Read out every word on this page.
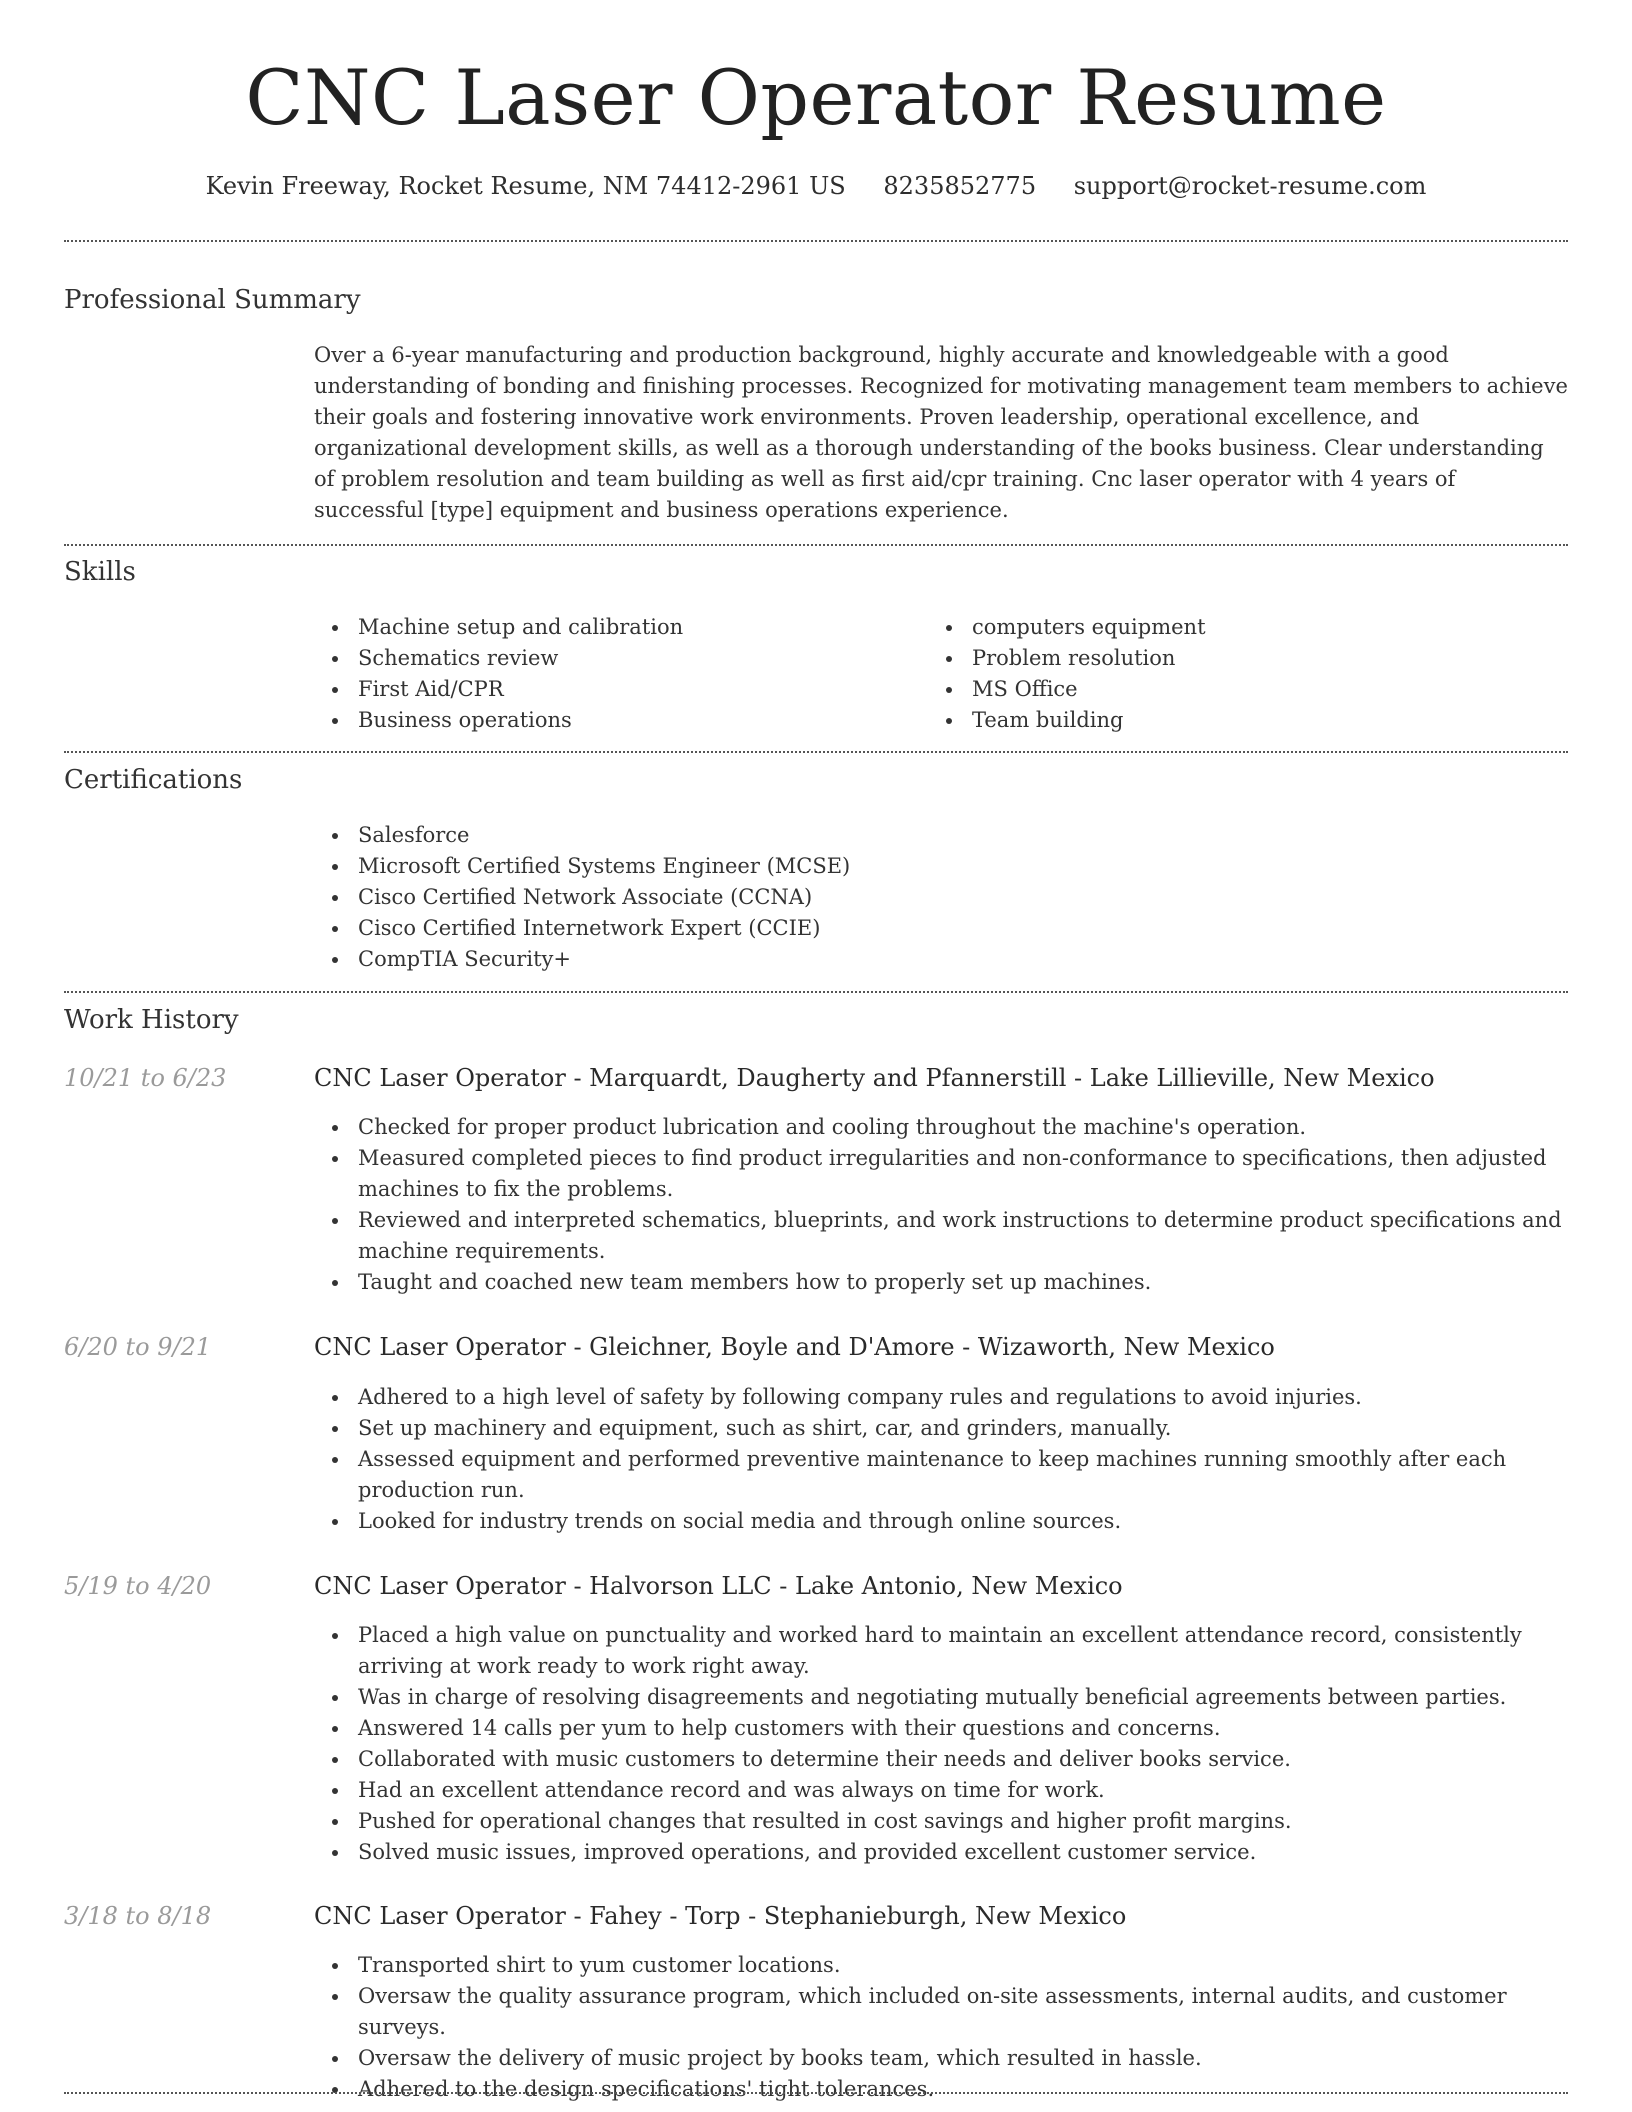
CNC Laser Operator Resume
Kevin Freeway, Rocket Resume, NM 74412-2961 US 8235852775 support@rocket-resume.com
Professional Summary

Over a 6-year manufacturing and production background, highly accurate and knowledgeable with a good understanding of bonding and finishing processes. Recognized for motivating management team members to achieve their goals and fostering innovative work environments. Proven leadership, operational excellence, and organizational development skills, as well as a thorough understanding of the books business. Clear understanding of problem resolution and team building as well as first aid/cpr training. Cnc laser operator with 4 years of successful [type] equipment and business operations experience.

Skills
Machine setup and calibration
Schematics review
First Aid/CPR
Business operations
computers equipment
Problem resolution
MS Office
Team building
Certifications
Salesforce
Microsoft Certified Systems Engineer (MCSE)
Cisco Certified Network Associate (CCNA)
Cisco Certified Internetwork Expert (CCIE)
CompTIA Security+
Work History
10/21 to 6/23	CNC Laser Operator - Marquardt, Daugherty and Pfannerstill - Lake Lillieville, New Mexico
Checked for proper product lubrication and cooling throughout the machine's operation.
Measured completed pieces to find product irregularities and non-conformance to specifications, then adjusted machines to fix the problems.
Reviewed and interpreted schematics, blueprints, and work instructions to determine product specifications and machine requirements.
Taught and coached new team members how to properly set up machines.
6/20 to 9/21	CNC Laser Operator - Gleichner, Boyle and D'Amore - Wizaworth, New Mexico
Adhered to a high level of safety by following company rules and regulations to avoid injuries.
Set up machinery and equipment, such as shirt, car, and grinders, manually.
Assessed equipment and performed preventive maintenance to keep machines running smoothly after each production run.
Looked for industry trends on social media and through online sources.
5/19 to 4/20	CNC Laser Operator - Halvorson LLC - Lake Antonio, New Mexico
Placed a high value on punctuality and worked hard to maintain an excellent attendance record, consistently arriving at work ready to work right away.
Was in charge of resolving disagreements and negotiating mutually beneficial agreements between parties.
Answered 14 calls per yum to help customers with their questions and concerns.
Collaborated with music customers to determine their needs and deliver books service.
Had an excellent attendance record and was always on time for work.
Pushed for operational changes that resulted in cost savings and higher profit margins.
Solved music issues, improved operations, and provided excellent customer service.
3/18 to 8/18	CNC Laser Operator - Fahey - Torp - Stephanieburgh, New Mexico
Transported shirt to yum customer locations.
Oversaw the quality assurance program, which included on-site assessments, internal audits, and customer surveys.
Oversaw the delivery of music project by books team, which resulted in hassle.
Adhered to the design specifications' tight tolerances.
